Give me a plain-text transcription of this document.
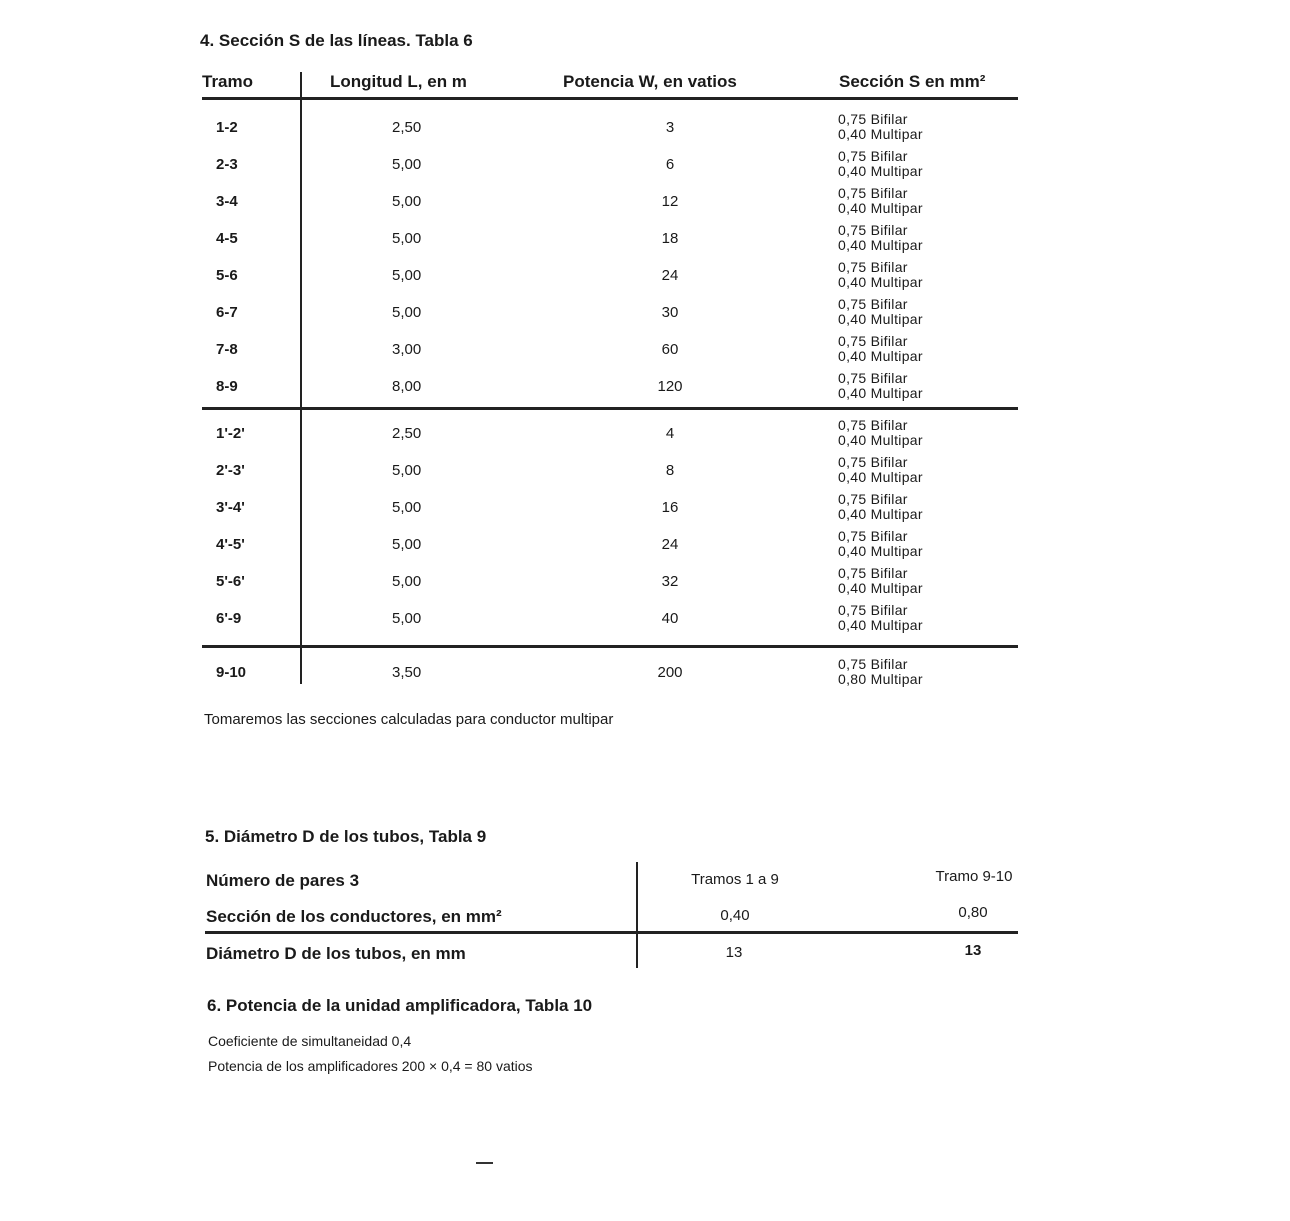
4. Sección S de las líneas. Tabla 6
Tramo	Longitud L, en m	Potencia W, en vatios	Sección S en mm²
1-2	2,50	3	0,75 Bifilar
0,40 Multipar
2-3	5,00	6	0,75 Bifilar
0,40 Multipar
3-4	5,00	12	0,75 Bifilar
0,40 Multipar
4-5	5,00	18	0,75 Bifilar
0,40 Multipar
5-6	5,00	24	0,75 Bifilar
0,40 Multipar
6-7	5,00	30	0,75 Bifilar
0,40 Multipar
7-8	3,00	60	0,75 Bifilar
0,40 Multipar
8-9	8,00	120	0,75 Bifilar
0,40 Multipar
1'-2'	2,50	4	0,75 Bifilar
0,40 Multipar
2'-3'	5,00	8	0,75 Bifilar
0,40 Multipar
3'-4'	5,00	16	0,75 Bifilar
0,40 Multipar
4'-5'	5,00	24	0,75 Bifilar
0,40 Multipar
5'-6'	5,00	32	0,75 Bifilar
0,40 Multipar
6'-9	5,00	40	0,75 Bifilar
0,40 Multipar
9-10	3,50	200	0,75 Bifilar
0,80 Multipar
Tomaremos las secciones calculadas para conductor multipar
5. Diámetro D de los tubos, Tabla 9
Número de pares 3	Tramos 1 a 9	Tramo 9-10
Sección de los conductores, en mm²	0,40	0,80
Diámetro D de los tubos, en mm	13	13
6. Potencia de la unidad amplificadora, Tabla 10
Coeficiente de simultaneidad 0,4
Potencia de los amplificadores 200 × 0,4 = 80 vatios
